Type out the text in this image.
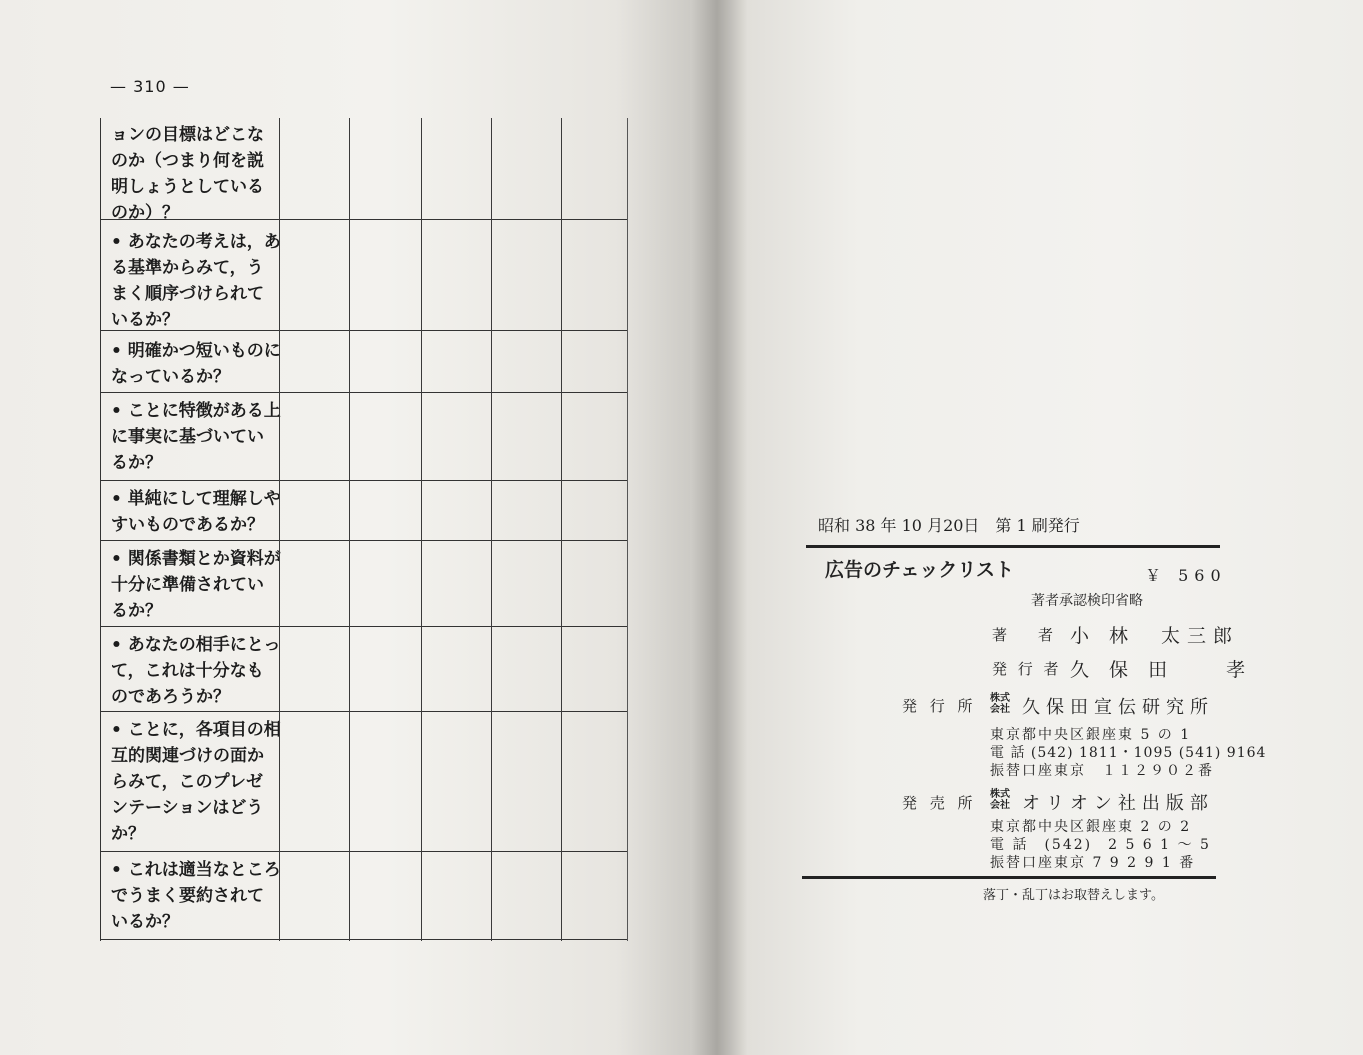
— 310 —
ョンの目標はどこな
のか（つまり何を説
明しょうとしている
のか）？
• あなたの考えは，あ
る基準からみて，う
まく順序づけられて
いるか？
• 明確かつ短いものに
なっているか？
• ことに特徴がある上
に事実に基づいてい
るか？
• 単純にして理解しや
すいものであるか？
• 関係書類とか資料が
十分に準備されてい
るか？
• あなたの相手にとっ
て，これは十分なも
のであろうか？
• ことに，各項目の相
互的関連づけの面か
らみて，このプレゼ
ンテーションはどう
か？
• これは適当なところ
でうまく要約されて
いるか？
昭和 38 年 10 月20日　第 1 刷発行
広告のチェックリスト	￥ 560
著者承認検印省略
著　者 小 林　太三郎
発 行 者 久 保 田　　孝
発 行 所 株式
会社 久保田宣伝研究所
東京都中央区銀座東 5 の 1
電 話 (542) 1811・1095 (541) 9164
振替口座東京　１１２９０２番
発 売 所 株式
会社 オリオン社出版部
東京都中央区銀座東 2 の 2
電 話　(542)　2 5 6 1 ～ 5
振替口座東京 7 9 2 9 1 番
落丁・乱丁はお取替えします。
